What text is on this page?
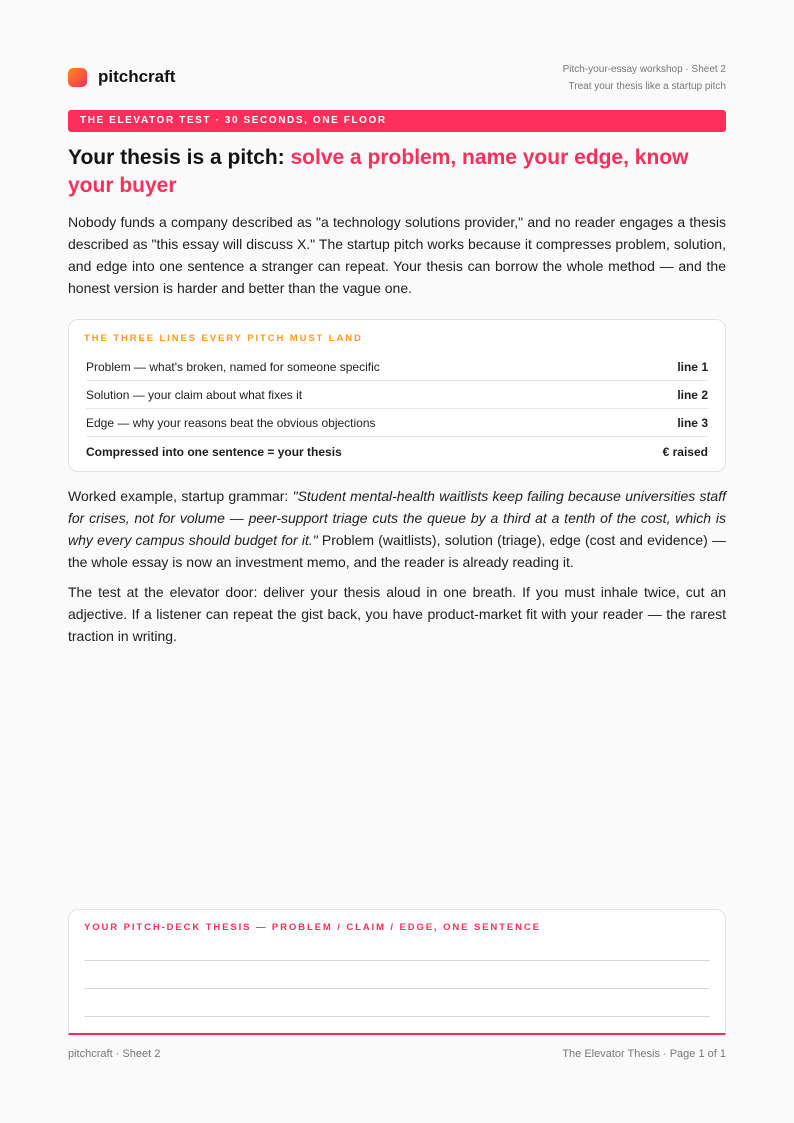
pitchcraft	Pitch-your-essay workshop · Sheet 2
Treat your thesis like a startup pitch
THE ELEVATOR TEST · 30 SECONDS, ONE FLOOR
Your thesis is a pitch: solve a problem, name your edge, know your buyer

Nobody funds a company described as "a technology solutions provider," and no reader engages a thesis described as "this essay will discuss X." The startup pitch works because it compresses problem, solution, and edge into one sentence a stranger can repeat. Your thesis can borrow the whole method — and the honest version is harder and better than the vague one.

THE THREE LINES EVERY PITCH MUST LAND
Problem — what's broken, named for someone specific	line 1
Solution — your claim about what fixes it	line 2
Edge — why your reasons beat the obvious objections	line 3
Compressed into one sentence = your thesis	€ raised

Worked example, startup grammar: "Student mental-health waitlists keep failing because universities staff for crises, not for volume — peer-support triage cuts the queue by a third at a tenth of the cost, which is why every campus should budget for it." Problem (waitlists), solution (triage), edge (cost and evidence) — the whole essay is now an investment memo, and the reader is already reading it.

The test at the elevator door: deliver your thesis aloud in one breath. If you must inhale twice, cut an adjective. If a listener can repeat the gist back, you have product-market fit with your reader — the rarest traction in writing.

YOUR PITCH-DECK THESIS — PROBLEM / CLAIM / EDGE, ONE SENTENCE
pitchcraft · Sheet 2	The Elevator Thesis · Page 1 of 1
